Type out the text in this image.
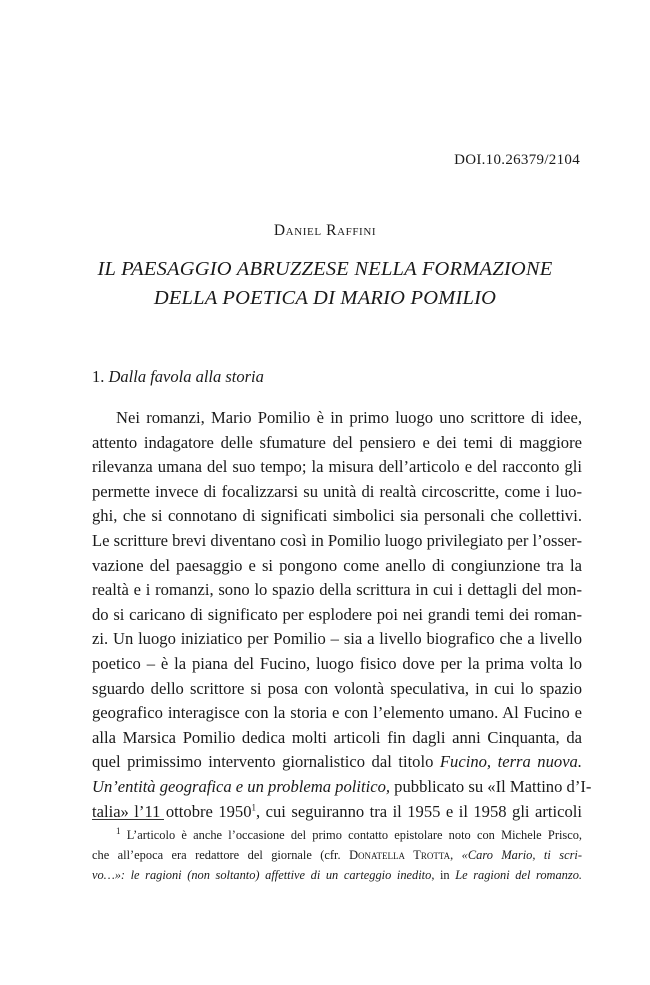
DOI.10.26379/2104
Daniel Raffini
IL PAESAGGIO ABRUZZESE NELLA FORMAZIONE
DELLA POETICA DI MARIO POMILIO
1. Dalla favola alla storia
Nei romanzi, Mario Pomilio è in primo luogo uno scrittore di idee,
attento indagatore delle sfumature del pensiero e dei temi di maggiore
rilevanza umana del suo tempo; la misura dell’articolo e del racconto gli
permette invece di focalizzarsi su unità di realtà circoscritte, come i luo-
ghi, che si connotano di significati simbolici sia personali che collettivi.
Le scritture brevi diventano così in Pomilio luogo privilegiato per l’osser-
vazione del paesaggio e si pongono come anello di congiunzione tra la
realtà e i romanzi, sono lo spazio della scrittura in cui i dettagli del mon-
do si caricano di significato per esplodere poi nei grandi temi dei roman-
zi. Un luogo iniziatico per Pomilio – sia a livello biografico che a livello
poetico – è la piana del Fucino, luogo fisico dove per la prima volta lo
sguardo dello scrittore si posa con volontà speculativa, in cui lo spazio
geografico interagisce con la storia e con l’elemento umano. Al Fucino e
alla Marsica Pomilio dedica molti articoli fin dagli anni Cinquanta, da
quel primissimo intervento giornalistico dal titolo Fucino, terra nuova.
Un’entità geografica e un problema politico, pubblicato su «Il Mattino d’I-
talia» l’11 ottobre 1950$^1$, cui seguiranno tra il 1955 e il 1958 gli articoli
$^1$ L’articolo è anche l’occasione del primo contatto epistolare noto con Michele Prisco,
che all’epoca era redattore del giornale (cfr. Donatella Trotta, «Caro Mario, ti scri-
vo…»: le ragioni (non soltanto) affettive di un carteggio inedito, in Le ragioni del romanzo.
